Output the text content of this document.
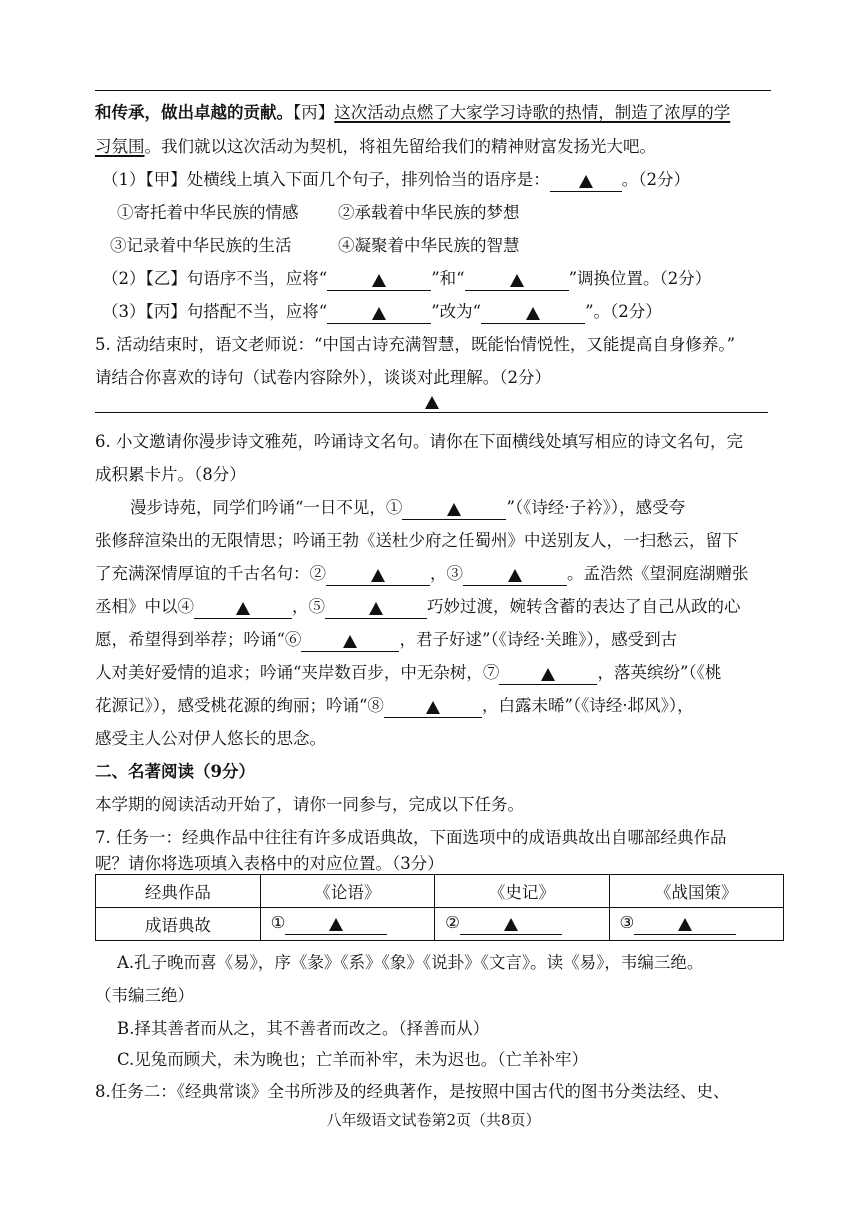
和传承，做出卓越的贡献。【丙】这次活动点燃了大家学习诗歌的热情，制造了浓厚的学
习氛围。我们就以这次活动为契机，将祖先留给我们的精神财富发扬光大吧。
（1）【甲】处横线上填入下面几个句子，排列恰当的语序是：	。（2分）
①寄托着中华民族的情感 ②承载着中华民族的梦想
③记录着中华民族的生活	④凝聚着中华民族的智慧
（2）【乙】句语序不当，应将“	”和“	”调换位置。（2分）
（3）【丙】句搭配不当，应将“	”改为“	”。（2分）
5. 活动结束时，语文老师说：“中国古诗充满智慧，既能怡情悦性，又能提高自身修养。”
请结合你喜欢的诗句（试卷内容除外），谈谈对此理解。（2分）
6. 小文邀请你漫步诗文雅苑，吟诵诗文名句。请你在下面横线处填写相应的诗文名句，完
成积累卡片。（8分）
漫步诗苑，同学们吟诵“一日不见，①	”（《诗经·子衿》），感受夸
张修辞渲染出的无限情思；吟诵王勃《送杜少府之任蜀州》中送别友人，一扫愁云，留下
了充满深情厚谊的千古名句：②	，③	。孟浩然《望洞庭湖赠张
丞相》中以④	，⑤	巧妙过渡，婉转含蓄的表达了自己从政的心
愿，希望得到举荐；吟诵“⑥	，君子好逑”（《诗经·关雎》），感受到古
人对美好爱情的追求；吟诵“夹岸数百步，中无杂树，⑦	，落英缤纷”（《桃
花源记》），感受桃花源的绚丽；吟诵“⑧	，白露未晞”（《诗经·邶风》），
感受主人公对伊人悠长的思念。
二、名著阅读（9分）
本学期的阅读活动开始了，请你一同参与，完成以下任务。
7. 任务一：经典作品中往往有许多成语典故，下面选项中的成语典故出自哪部经典作品
呢？请你将选项填入表格中的对应位置。（3分）
经典作品	《论语》	《史记》	《战国策》
成语典故	①	②	③
A.孔子晚而喜《易》，序《彖》《系》《象》《说卦》《文言》。读《易》，韦编三绝。
（韦编三绝）
B.择其善者而从之，其不善者而改之。（择善而从）
C.见兔而顾犬，未为晚也；亡羊而补牢，未为迟也。（亡羊补牢）
8.任务二：《经典常谈》全书所涉及的经典著作，是按照中国古代的图书分类法经、史、
八年级语文试卷第2页（共8页）
